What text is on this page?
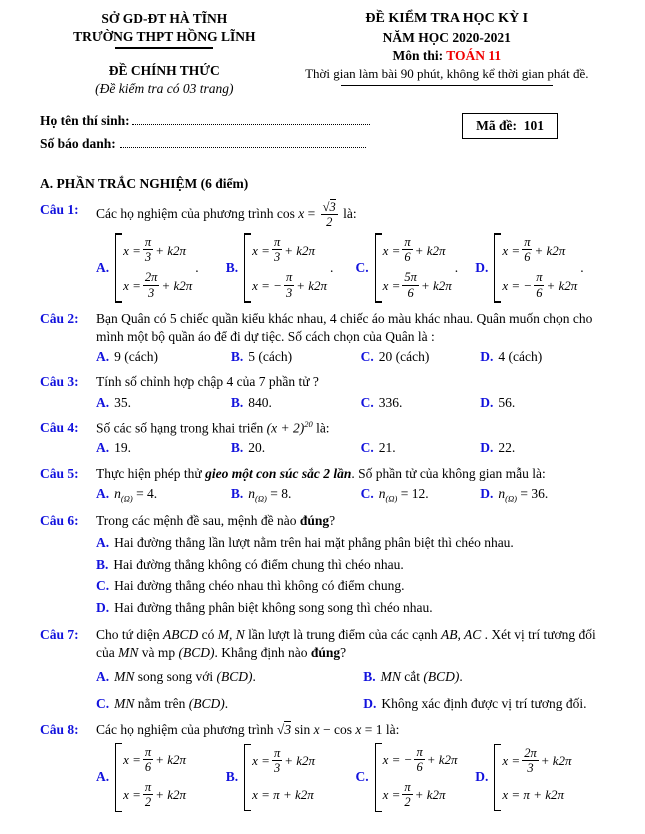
SỞ GD-ĐT HÀ TĨNH
TRƯỜNG THPT HỒNG LĨNH
ĐỀ CHÍNH THỨC
(Đề kiểm tra có 03 trang)
ĐỀ KIỂM TRA HỌC KỲ I
NĂM HỌC 2020-2021
Môn thi: TOÁN 11
Thời gian làm bài 90 phút, không kể thời gian phát đề.
Họ tên thí sinh:
Số báo danh:
Mã đề:  101
A. PHẦN TRẮC NGHIỆM (6 điểm)
Câu 1:	Các họ nghiệm của phương trình $\cos x = \frac{√3}{2}$ là:
A.
$x = \frac{\pi}{3} + k2\pi$
$x = \frac{2\pi}{3} + k2\pi$
. B.
$x = \frac{\pi}{3} + k2\pi$
x = − $\frac{\pi}{3} + k2\pi$
. C.
$x = \frac{\pi}{6} + k2\pi$
$x = \frac{5\pi}{6} + k2\pi$
. D.
$x = \frac{\pi}{6} + k2\pi$
x = − $\frac{\pi}{6} + k2\pi$
.
Câu 2:	Bạn Quân có 5 chiếc quần kiểu khác nhau, 4 chiếc áo màu khác nhau. Quân muốn chọn cho mình một bộ quần áo để đi dự tiệc. Số cách chọn của Quân là :
A. 9 (cách)	B. 5 (cách)	C. 20 (cách)	D. 4 (cách)
Câu 3:	Tính số chỉnh hợp chập 4 của 7 phần tử ?
A. 35.	B. 840.	C. 336.	D. 56.
Câu 4:	Số các số hạng trong khai triển $(x + 2)^{20}$ là:
A. 19.	B. 20.	C. 21.	D. 22.
Câu 5:	Thực hiện phép thử gieo một con súc sắc 2 lần. Số phần tử của không gian mẫu là:
A. $n_{(\Omega)} = 4$.	B. $n_{(\Omega)} = 8$.	C. $n_{(\Omega)} = 12$.	D. $n_{(\Omega)} = 36$.
Câu 6:	Trong các mệnh đề sau, mệnh đề nào đúng?
A. Hai đường thẳng lần lượt nằm trên hai mặt phẳng phân biệt thì chéo nhau.
B. Hai đường thẳng không có điểm chung thì chéo nhau.
C. Hai đường thẳng chéo nhau thì không có điểm chung.
D. Hai đường thẳng phân biệt không song song thì chéo nhau.
Câu 7:	Cho tứ diện ABCD có M, N lần lượt là trung điểm của các cạnh AB, AC . Xét vị trí tương đối của MN và mp (BCD). Khẳng định nào đúng?
A. MN song song với (BCD).	B. MN cắt (BCD).
C. MN nằm trên (BCD).	D. Không xác định được vị trí tương đối.
Câu 8:	Các họ nghiệm của phương trình √3 sin x − cos x = 1 là:
A.
$x = \frac{\pi}{6} + k2\pi$
$x = \frac{\pi}{2} + k2\pi$
B.
$x = \frac{\pi}{3} + k2\pi$
x = π + k2π
C.
x = − $\frac{\pi}{6} + k2\pi$
$x = \frac{\pi}{2} + k2\pi$
D.
$x = \frac{2\pi}{3} + k2\pi$
x = π + k2π
